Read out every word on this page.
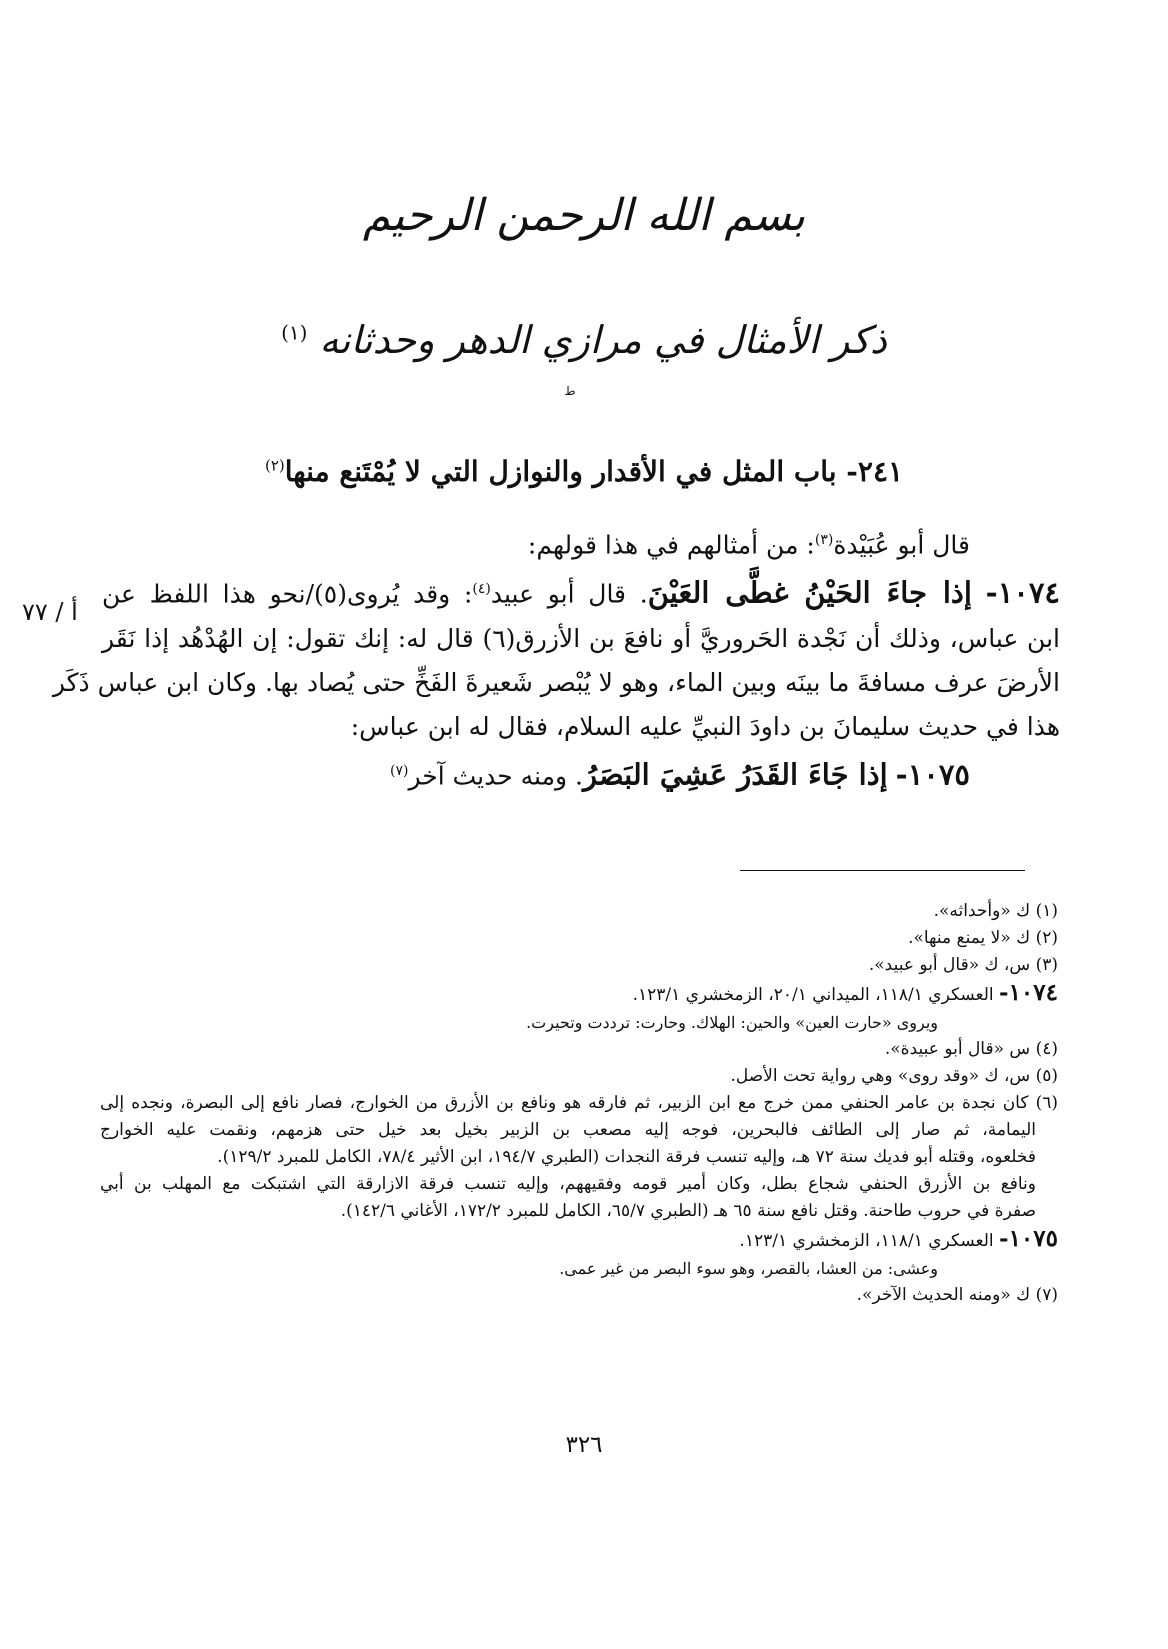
بسم الله الرحمن الرحيم
ذكر الأمثال في مرازي الدهر وحدثانه $^{(١)}$
ط
٢٤١- باب المثل في الأقدار والنوازل التي لا يُمْتَنع منها$^{(٢)}$
أ / ٧٧

قال أبو عُبَيْدة$^{(٣)}$: من أمثالهم في هذا قولهم:

١٠٧٤- إذا جاءَ الحَيْنُ غطَّى العَيْنَ. قال أبو عبيد$^{(٤)}$: وقد يُروى(٥)/نحو هذا اللفظ عن

ابن عباس، وذلك أن نَجْدة الحَروريَّ أو نافعَ بن الأزرق(٦) قال له: إنك تقول: إن الهُدْهُد إذا نَقَر

الأرضَ عرف مسافةَ ما بينَه وبين الماء، وهو لا يُبْصر شَعيرةَ الفَخِّ حتى يُصاد بها. وكان ابن عباس ذَكَر

هذا في حديث سليمانَ بن داودَ النبيِّ عليه السلام، فقال له ابن عباس:

١٠٧٥- إذا جَاءَ القَدَرُ عَشِيَ البَصَرُ. ومنه حديث آخر$^{(٧)}$

(١) ك «وأحداثه».
(٢) ك «لا يمنع منها».
(٣) س، ك «قال أبو عبيد».
١٠٧٤- العسكري ١١٨/١، الميداني ٢٠/١، الزمخشري ١٢٣/١.
ويروى «حارت العين» والحين: الهلاك. وحارت: ترددت وتحيرت.
(٤) س «قال أبو عبيدة».
(٥) س، ك «وقد روى» وهي رواية تحت الأصل.
(٦) كان نجدة بن عامر الحنفي ممن خرج مع ابن الزبير، ثم فارقه هو ونافع بن الأزرق من الخوارج، فصار نافع إلى البصرة، ونجده إلى
اليمامة، ثم صار إلى الطائف فالبحرين، فوجه إليه مصعب بن الزبير بخيل بعد خيل حتى هزمهم، ونقمت عليه الخوارج
فخلعوه، وقتله أبو فديك سنة ٧٢ هـ، وإليه تنسب فرقة النجدات (الطبري ١٩٤/٧، ابن الأثير ٧٨/٤، الكامل للمبرد ١٢٩/٢).
ونافع بن الأزرق الحنفي شجاع بطل، وكان أمير قومه وفقيههم، وإليه تنسب فرقة الازارقة التي اشتبكت مع المهلب بن أبي
صفرة في حروب طاحنة. وقتل نافع سنة ٦٥ هـ (الطبري ٦٥/٧، الكامل للمبرد ١٧٢/٢، الأغاني ١٤٢/٦).
١٠٧٥- العسكري ١١٨/١، الزمخشري ١٢٣/١.
وعشى: من العشا، بالقصر، وهو سوء البصر من غير عمى.
(٧) ك «ومنه الحديث الآخر».
٣٢٦
